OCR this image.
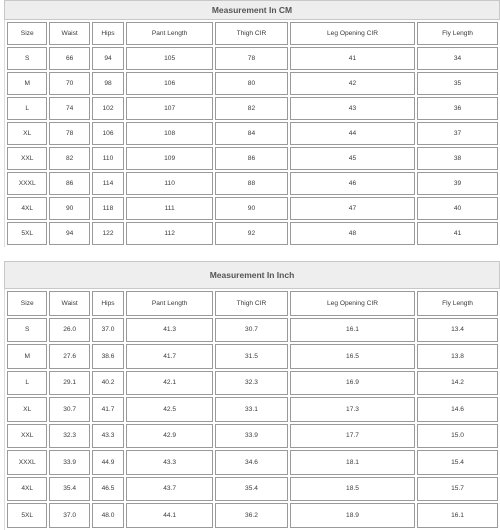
Measurement In CM
Size	Waist	Hips	Pant Length	Thigh CIR	Leg Opening CIR	Fly Length
S	66	94	105	78	41	34
M	70	98	106	80	42	35
L	74	102	107	82	43	36
XL	78	106	108	84	44	37
XXL	82	110	109	86	45	38
XXXL	86	114	110	88	46	39
4XL	90	118	111	90	47	40
5XL	94	122	112	92	48	41
Measurement In Inch
Size	Waist	Hips	Pant Length	Thigh CIR	Leg Opening CIR	Fly Length
S	26.0	37.0	41.3	30.7	16.1	13.4
M	27.6	38.6	41.7	31.5	16.5	13.8
L	29.1	40.2	42.1	32.3	16.9	14.2
XL	30.7	41.7	42.5	33.1	17.3	14.6
XXL	32.3	43.3	42.9	33.9	17.7	15.0
XXXL	33.9	44.9	43.3	34.6	18.1	15.4
4XL	35.4	46.5	43.7	35.4	18.5	15.7
5XL	37.0	48.0	44.1	36.2	18.9	16.1
